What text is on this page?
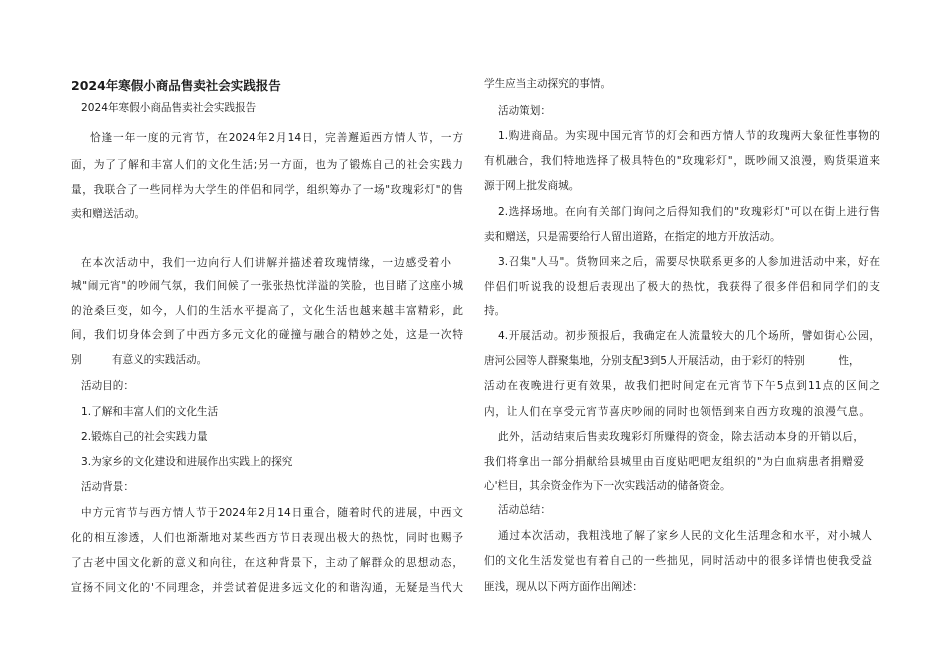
2024年寒假小商品售卖社会实践报告
2024年寒假小商品售卖社会实践报告
恰逢一年一度的元宵节，在2024年2月14日，完善邂逅西方情人节，一方
面，为了了解和丰富人们的文化生活;另一方面，也为了锻炼自己的社会实践力
量，我联合了一些同样为大学生的伴侣和同学，组织筹办了一场"玫瑰彩灯"的售
卖和赠送活动。
在本次活动中，我们一边向行人们讲解并描述着玫瑰情缘，一边感受着小
城"闹元宵"的吵闹气氛，我们间候了一张张热忱洋溢的笑脸，也目睹了这座小城
的沧桑巨变，如今，人们的生活水平提高了，文化生活也越来越丰富精彩，此
间，我们切身体会到了中西方多元文化的碰撞与融合的精妙之处，这是一次特
别         有意义的实践活动。
活动目的：
1.了解和丰富人们的文化生活
2.锻炼自己的社会实践力量
3.为家乡的文化建设和进展作出实践上的探究
活动背景：
中方元宵节与西方情人节于2024年2月14日重合，随着时代的进展，中西文
化的相互渗透，人们也渐渐地对某些西方节日表现出极大的热忱，同时也赐予
了古老中国文化新的意义和向往，在这种背景下，主动了解群众的思想动态，
宣扬不同文化的'不同理念，并尝试着促进多远文化的和谐沟通，无疑是当代大
学生应当主动探究的事情。
活动策划：
1.购进商品。为实现中国元宵节的灯会和西方情人节的玫瑰两大象征性事物的
有机融合，我们特地选择了极具特色的"玫瑰彩灯"，既吵闹又浪漫，购货渠道来
源于网上批发商城。
2.选择场地。在向有关部门询问之后得知我们的"玫瑰彩灯"可以在街上进行售
卖和赠送，只是需要给行人留出道路，在指定的地方开放活动。
3.召集"人马"。货物回来之后，需要尽快联系更多的人参加进活动中来，好在
伴侣们听说我的设想后表现出了极大的热忱，我获得了很多伴侣和同学们的支
持。
4.开展活动。初步预报后，我确定在人流量较大的几个场所，譬如街心公园，
唐河公园等人群聚集地，分别支配3到5人开展活动，由于彩灯的特别          性，
活动在夜晚进行更有效果，故我们把时间定在元宵节下午5点到11点的区间之
内，让人们在享受元宵节喜庆吵闹的同时也领悟到来自西方玫瑰的浪漫气息。
此外，活动结束后售卖玫瑰彩灯所赚得的资金，除去活动本身的开销以后，
我们将拿出一部分捐献给县城里由百度贴吧吧友组织的"为白血病患者捐赠爱
心'栏目，其余资金作为下一次实践活动的储备资金。
活动总结：
通过本次活动，我粗浅地了解了家乡人民的文化生活理念和水平，对小城人
们的文化生活发觉也有着自己的一些拙见，同时活动中的很多详情也使我受益
匪浅，现从以下两方面作出阐述：
